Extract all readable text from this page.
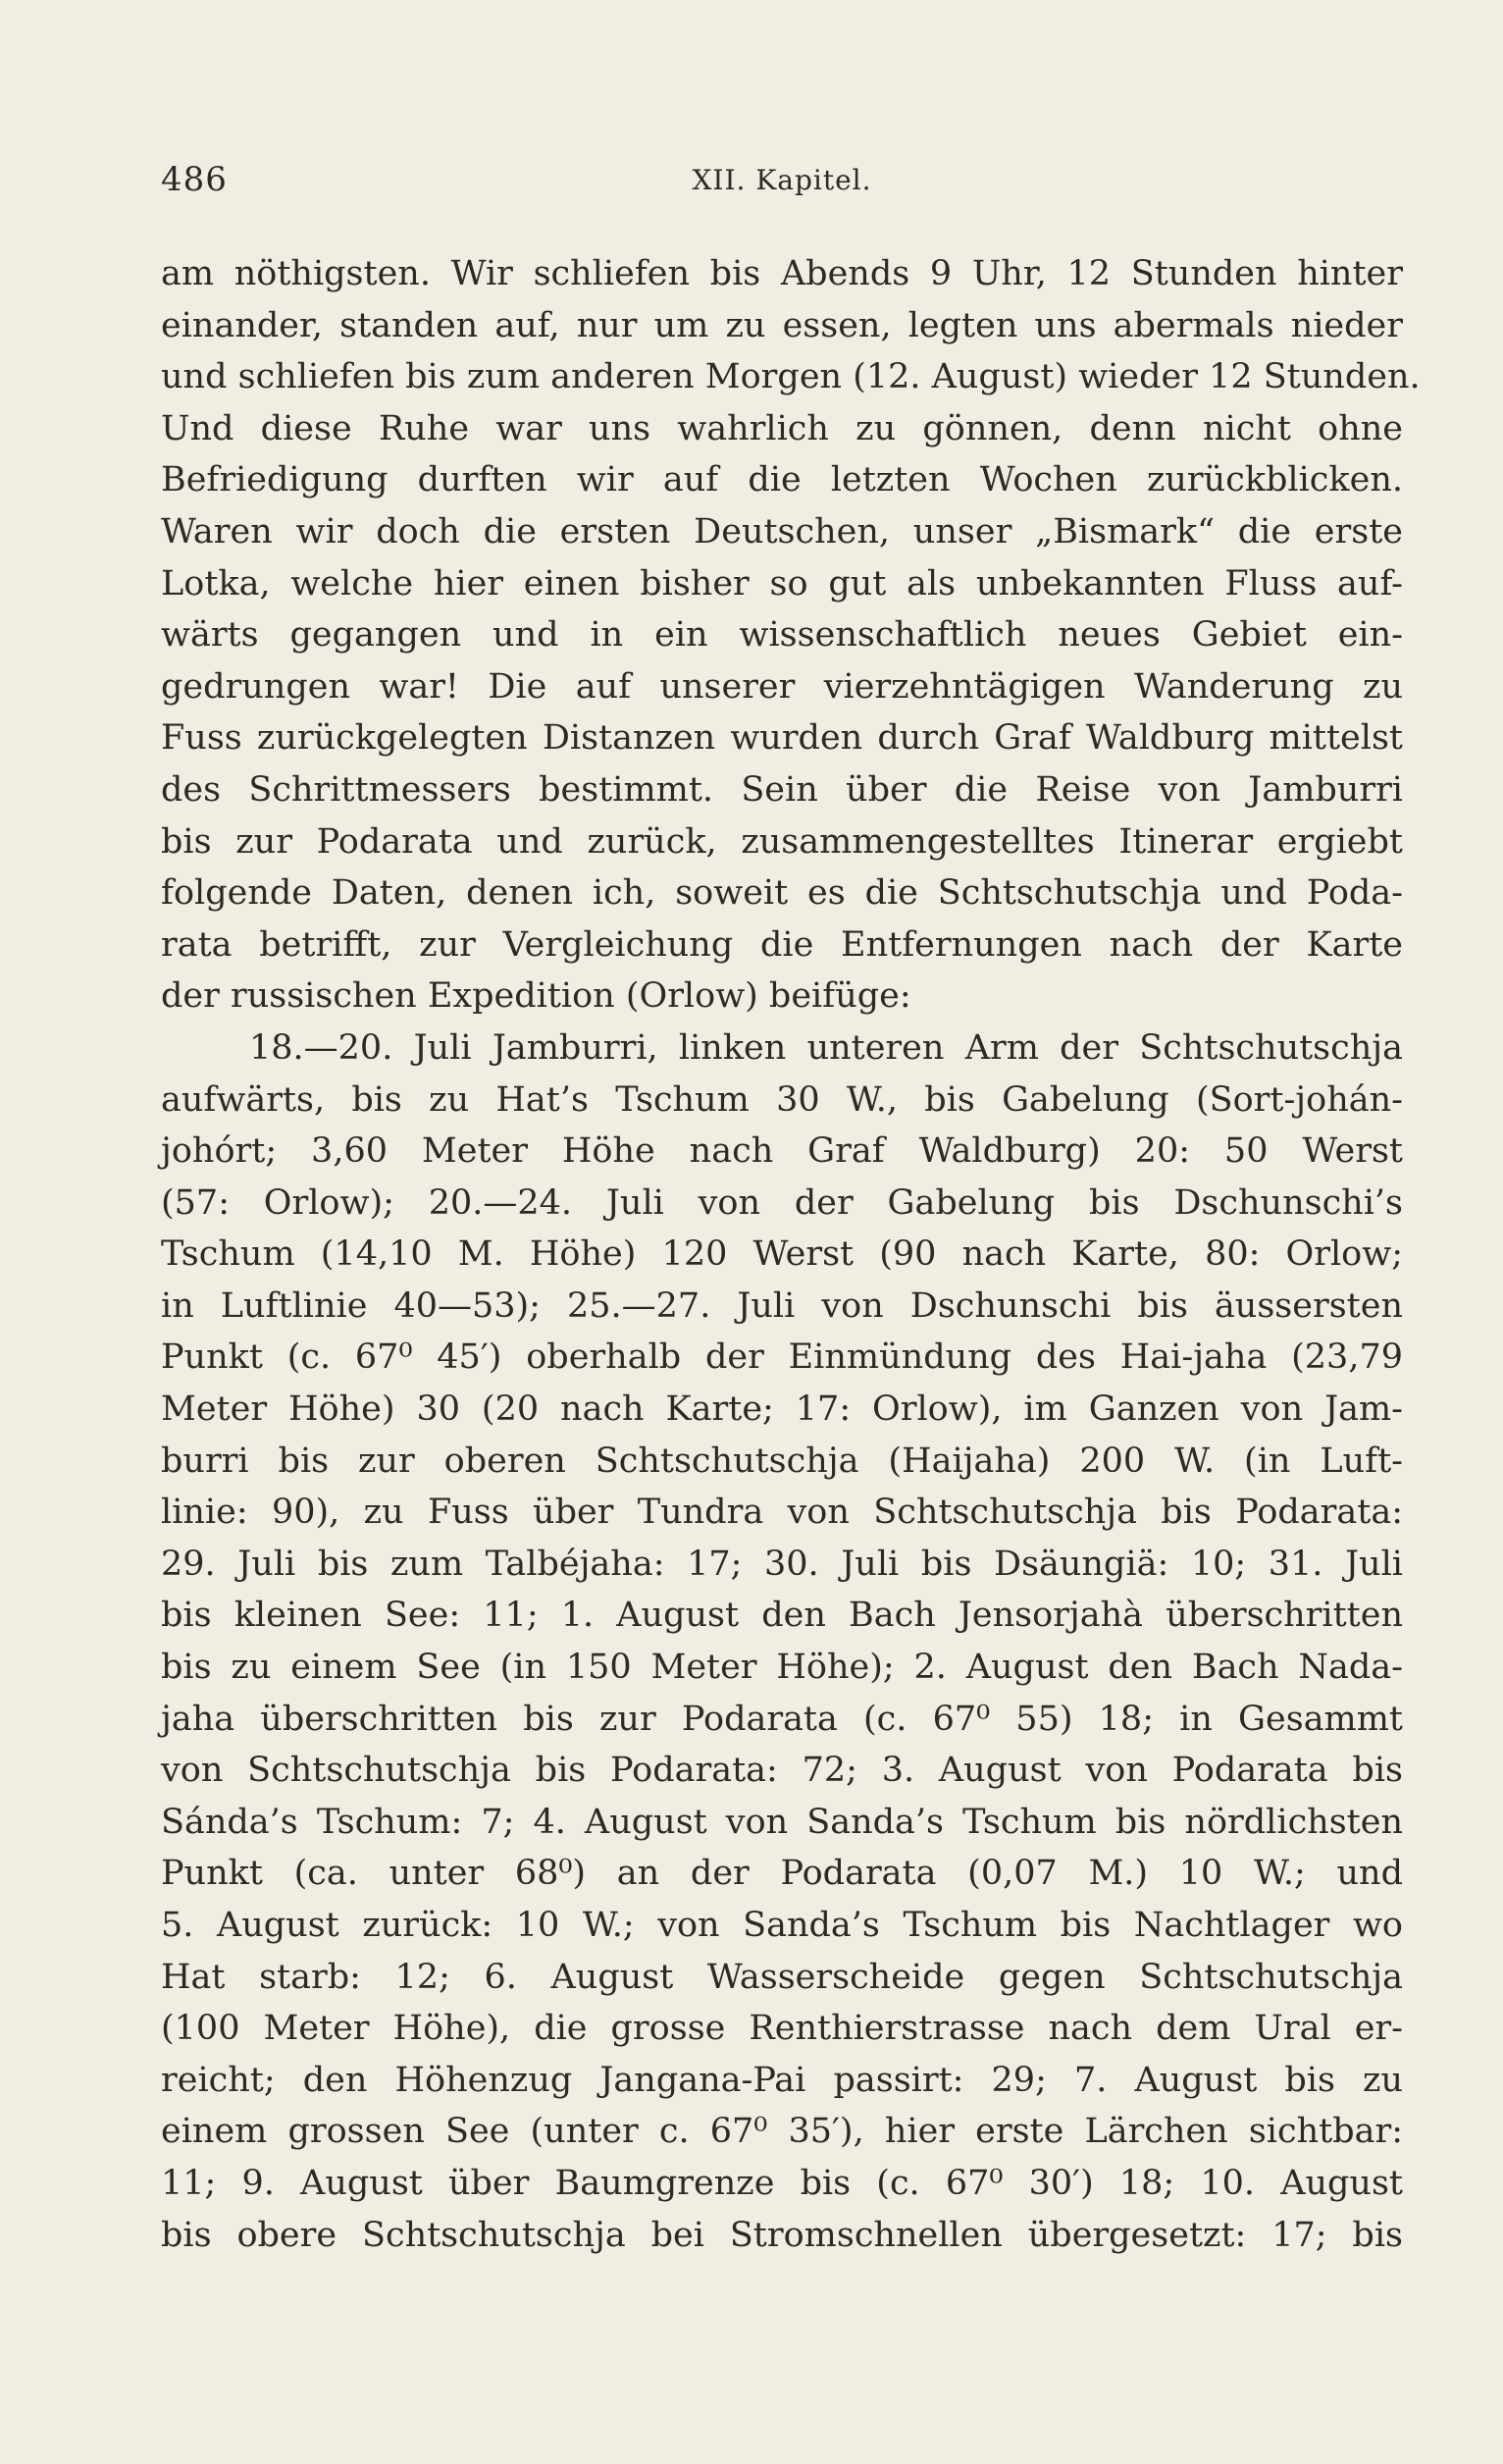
486	XII. Kapitel.
am nöthigsten. Wir schliefen bis Abends 9 Uhr, 12 Stunden hinter
einander, standen auf, nur um zu essen, legten uns abermals nieder
und schliefen bis zum anderen Morgen (12. August) wieder 12 Stunden.
Und diese Ruhe war uns wahrlich zu gönnen, denn nicht ohne
Befriedigung durften wir auf die letzten Wochen zurückblicken.
Waren wir doch die ersten Deutschen, unser „Bismark“ die erste
Lotka, welche hier einen bisher so gut als unbekannten Fluss auf-
wärts gegangen und in ein wissenschaftlich neues Gebiet ein-
gedrungen war! Die auf unserer vierzehntägigen Wanderung zu
Fuss zurückgelegten Distanzen wurden durch Graf Waldburg mittelst
des Schrittmessers bestimmt. Sein über die Reise von Jamburri
bis zur Podarata und zurück, zusammengestelltes Itinerar ergiebt
folgende Daten, denen ich, soweit es die Schtschutschja und Poda-
rata betrifft, zur Vergleichung die Entfernungen nach der Karte
der russischen Expedition (Orlow) beifüge:
18.—20. Juli Jamburri, linken unteren Arm der Schtschutschja
aufwärts, bis zu Hat’s Tschum 30 W., bis Gabelung (Sort-johán-
johórt; 3,60 Meter Höhe nach Graf Waldburg) 20: 50 Werst
(57: Orlow); 20.—24. Juli von der Gabelung bis Dschunschi’s
Tschum (14,10 M. Höhe) 120 Werst (90 nach Karte, 80: Orlow;
in Luftlinie 40—53); 25.—27. Juli von Dschunschi bis äussersten
Punkt (c. 67⁰ 45′) oberhalb der Einmündung des Hai-jaha (23,79
Meter Höhe) 30 (20 nach Karte; 17: Orlow), im Ganzen von Jam-
burri bis zur oberen Schtschutschja (Haijaha) 200 W. (in Luft-
linie: 90), zu Fuss über Tundra von Schtschutschja bis Podarata:
29. Juli bis zum Talbéjaha: 17; 30. Juli bis Dsäungiä: 10; 31. Juli
bis kleinen See: 11; 1. August den Bach Jensorjahà überschritten
bis zu einem See (in 150 Meter Höhe); 2. August den Bach Nada-
jaha überschritten bis zur Podarata (c. 67⁰ 55) 18; in Gesammt
von Schtschutschja bis Podarata: 72; 3. August von Podarata bis
Sánda’s Tschum: 7; 4. August von Sanda’s Tschum bis nördlichsten
Punkt (ca. unter 68⁰) an der Podarata (0,07 M.) 10 W.; und
5. August zurück: 10 W.; von Sanda’s Tschum bis Nachtlager wo
Hat starb: 12; 6. August Wasserscheide gegen Schtschutschja
(100 Meter Höhe), die grosse Renthierstrasse nach dem Ural er-
reicht; den Höhenzug Jangana-Pai passirt: 29; 7. August bis zu
einem grossen See (unter c. 67⁰ 35′), hier erste Lärchen sichtbar:
11; 9. August über Baumgrenze bis (c. 67⁰ 30′) 18; 10. August
bis obere Schtschutschja bei Stromschnellen übergesetzt: 17; bis
